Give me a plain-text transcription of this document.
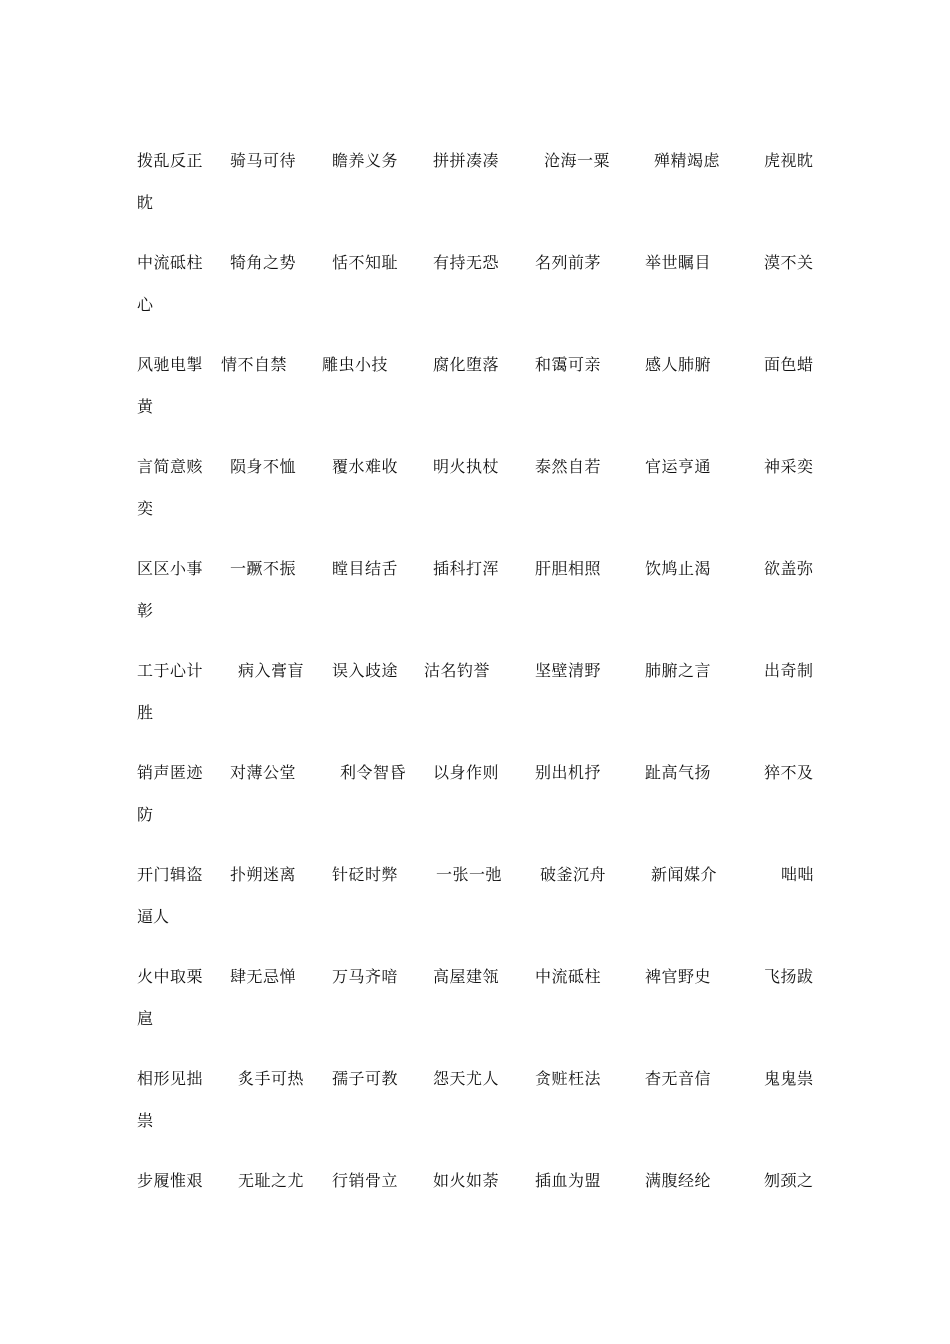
拨乱反正 骑马可待 瞻养义务 拼拼凑凑	沧海一粟	殚精竭虑	虎视眈
眈
中流砥柱 犄角之势 恬不知耻 有持无恐 名列前茅	举世瞩目	漠不关
心
风驰电掣 情不自禁 雕虫小技	腐化堕落 和霭可亲	感人肺腑	面色蜡
黄
言简意赅 陨身不恤 覆水难收 明火执杖 泰然自若	官运亨通	神采奕
奕
区区小事 一蹶不振 瞠目结舌 插科打浑 肝胆相照	饮鸠止渴	欲盖弥
彰
工于心计 病入膏盲 误入歧途 沽名钓誉	坚壁清野	肺腑之言	出奇制
胜
销声匿迹 对薄公堂	利令智昏 以身作则 别出机抒	趾高气扬	猝不及
防
开门辑盗 扑朔迷离 针砭时弊 一张一弛 破釜沉舟	新闻媒介	咄咄
逼人
火中取栗 肆无忌惮 万马齐喑 高屋建瓴 中流砥柱	裨官野史	飞扬跋
扈
相形见拙 炙手可热 孺子可教 怨天尤人 贪赃枉法	杳无音信	鬼鬼祟
祟
步履惟艰 无耻之尤 行销骨立 如火如荼 插血为盟	满腹经纶	刎颈之
